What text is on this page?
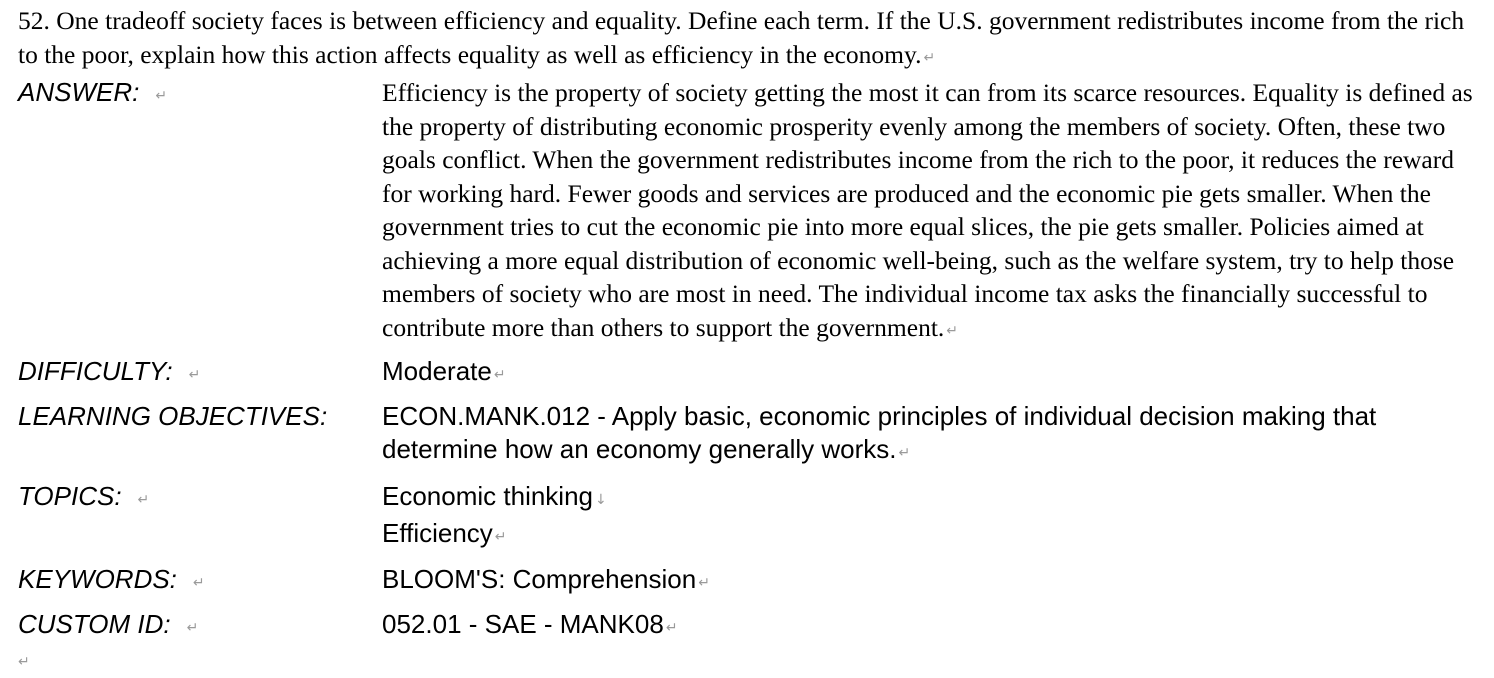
52. One tradeoff society faces is between efficiency and equality. Define each term. If the U.S. government redistributes income from the rich to the poor, explain how this action affects equality as well as efficiency in the economy. ↵

ANSWER: ↵	Efficiency is the property of society getting the most it can from its scarce resources. Equality is defined as the property of distributing economic prosperity evenly among the members of society. Often, these two goals conflict. When the government redistributes income from the rich to the poor, it reduces the reward for working hard. Fewer goods and services are produced and the economic pie gets smaller. When the government tries to cut the economic pie into more equal slices, the pie gets smaller. Policies aimed at achieving a more equal distribution of economic well-being, such as the welfare system, try to help those members of society who are most in need. The individual income tax asks the financially successful to contribute more than others to support the government. ↵
DIFFICULTY: ↵	Moderate ↵
LEARNING OBJECTIVES:	ECON.MANK.012 - Apply basic, economic principles of individual decision making that determine how an economy generally works. ↵
TOPICS: ↵	Economic thinking ↓
Efficiency ↵
KEYWORDS: ↵	BLOOM'S: Comprehension ↵
CUSTOM ID: ↵	052.01 - SAE - MANK08 ↵
↵
